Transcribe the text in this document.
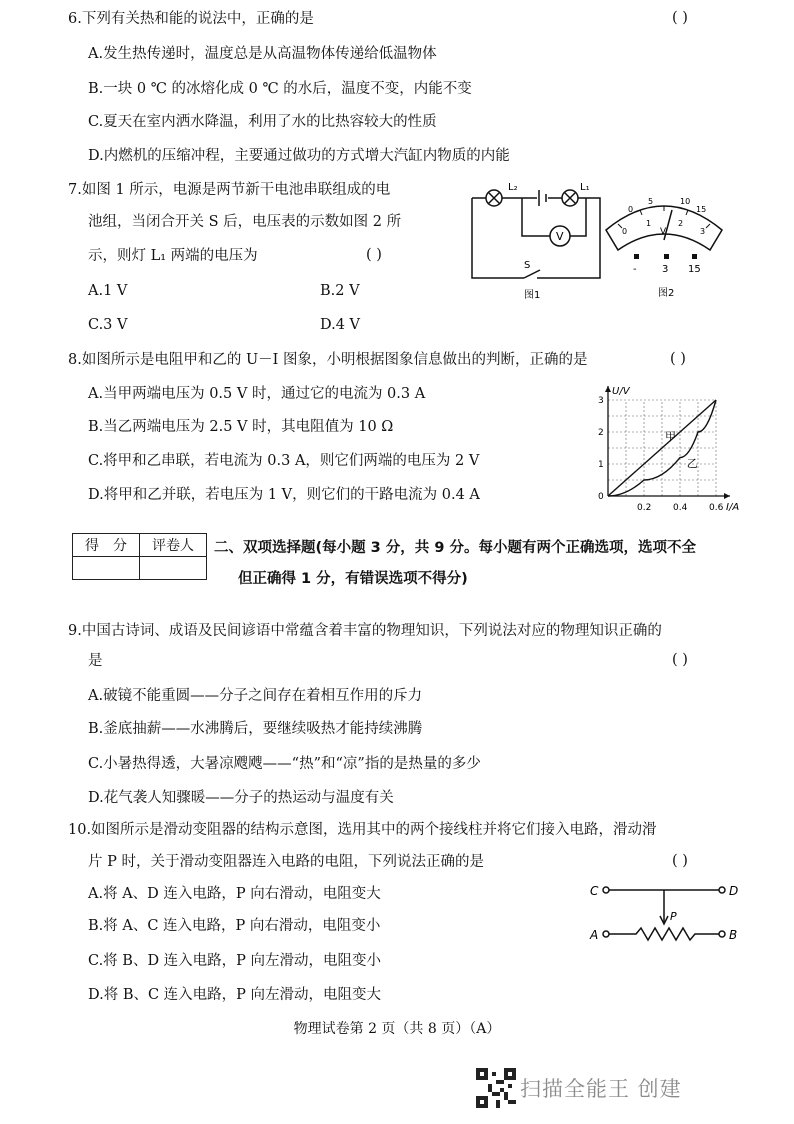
6.下列有关热和能的说法中，正确的是	( )
A.发生热传递时，温度总是从高温物体传递给低温物体
B.一块 0 ℃ 的冰熔化成 0 ℃ 的水后，温度不变，内能不变
C.夏天在室内洒水降温，利用了水的比热容较大的性质
D.内燃机的压缩冲程，主要通过做功的方式增大汽缸内物质的内能
7.如图 1 所示，电源是两节新干电池串联组成的电
池组，当闭合开关 S 后，电压表的示数如图 2 所
示，则灯 L₁ 两端的电压为	( )
A.1 V	B.2 V
C.3 V	D.4 V
L₂	L₁
V
S
图1
0
5	10
15
0
1	2
3
V
-	3 15
图2
8.如图所示是电阻甲和乙的 U－I 图象，小明根据图象信息做出的判断，正确的是	( )
A.当甲两端电压为 0.5 V 时，通过它的电流为 0.3 A
B.当乙两端电压为 2.5 V 时，其电阻值为 10 Ω
C.将甲和乙串联，若电流为 0.3 A，则它们两端的电压为 2 V
D.将甲和乙并联，若电压为 1 V，则它们的干路电流为 0.4 A
0.2 0.4 0.6
0
1
2
3
I/A
U/V
甲
乙
得　分	评卷人
	二、双项选择题(每小题 3 分，共 9 分。每小题有两个正确选项，选项不全
但正确得 1 分，有错误选项不得分)
9.中国古诗词、成语及民间谚语中常蕴含着丰富的物理知识，下列说法对应的物理知识正确的
是	( )
A.破镜不能重圆——分子之间存在着相互作用的斥力
B.釜底抽薪——水沸腾后，要继续吸热才能持续沸腾
C.小暑热得透，大暑凉飕飕——“热”和“凉”指的是热量的多少
D.花气袭人知骤暖——分子的热运动与温度有关
10.如图所示是滑动变阻器的结构示意图，选用其中的两个接线柱并将它们接入电路，滑动滑
片 P 时，关于滑动变阻器连入电路的电阻，下列说法正确的是	( )
A.将 A、D 连入电路，P 向右滑动，电阻变大
B.将 A、C 连入电路，P 向右滑动，电阻变小
C.将 B、D 连入电路，P 向左滑动，电阻变小
D.将 B、C 连入电路，P 向左滑动，电阻变大
C	D
A	B
P
物理试卷第 2 页（共 8 页）（A）
扫描全能王 创建
